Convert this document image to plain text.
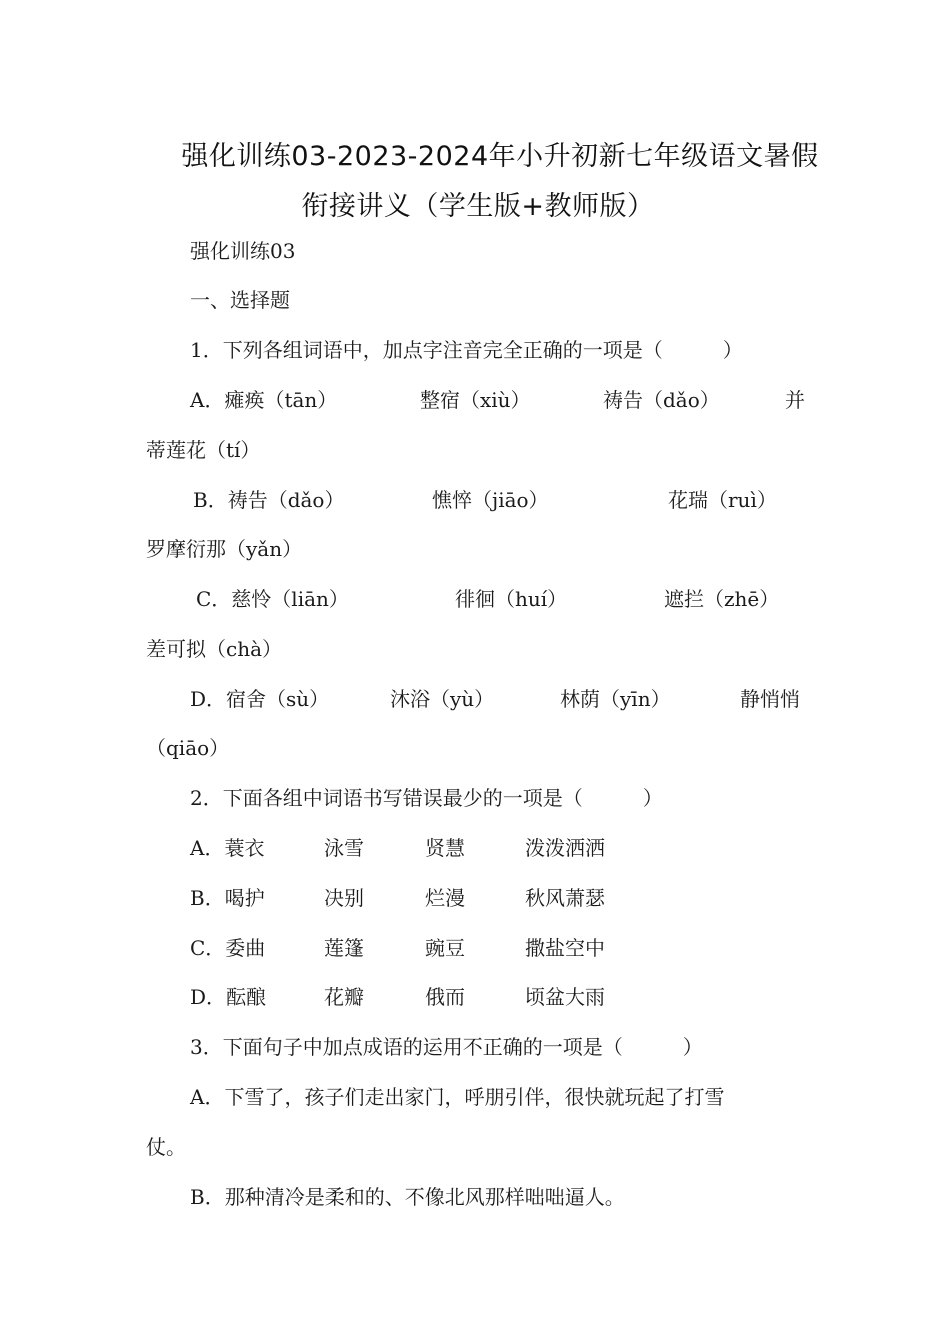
强化训练03-2023-2024年小升初新七年级语文暑假
衔接讲义（学生版+教师版）
强化训练03
一、选择题
1．下列各组词语中，加点字注音完全正确的一项是（　　　）
A．瘫痪（tān）	整宿（xiù）	祷告（dǎo）	并
蒂莲花（tí）
B．祷告（dǎo）	憔悴（jiāo）	花瑞（ruì）
罗摩衍那（yǎn）
C．慈怜（liān）	徘徊（huí）	遮拦（zhē）
差可拟（chà）
D．宿舍（sù）	沐浴（yù）	林荫（yīn）	静悄悄
（qiāo）
2．下面各组中词语书写错误最少的一项是（　　　）
A．蓑衣	泳雪	贤慧	泼泼洒洒
B．喝护	决别	烂漫	秋风萧瑟
C．委曲	莲篷	豌豆	撒盐空中
D．酝酿	花瓣	俄而	顷盆大雨
3．下面句子中加点成语的运用不正确的一项是（　　　）
A．下雪了，孩子们走出家门，呼朋引伴，很快就玩起了打雪
仗。
B．那种清冷是柔和的、不像北风那样咄咄逼人。
